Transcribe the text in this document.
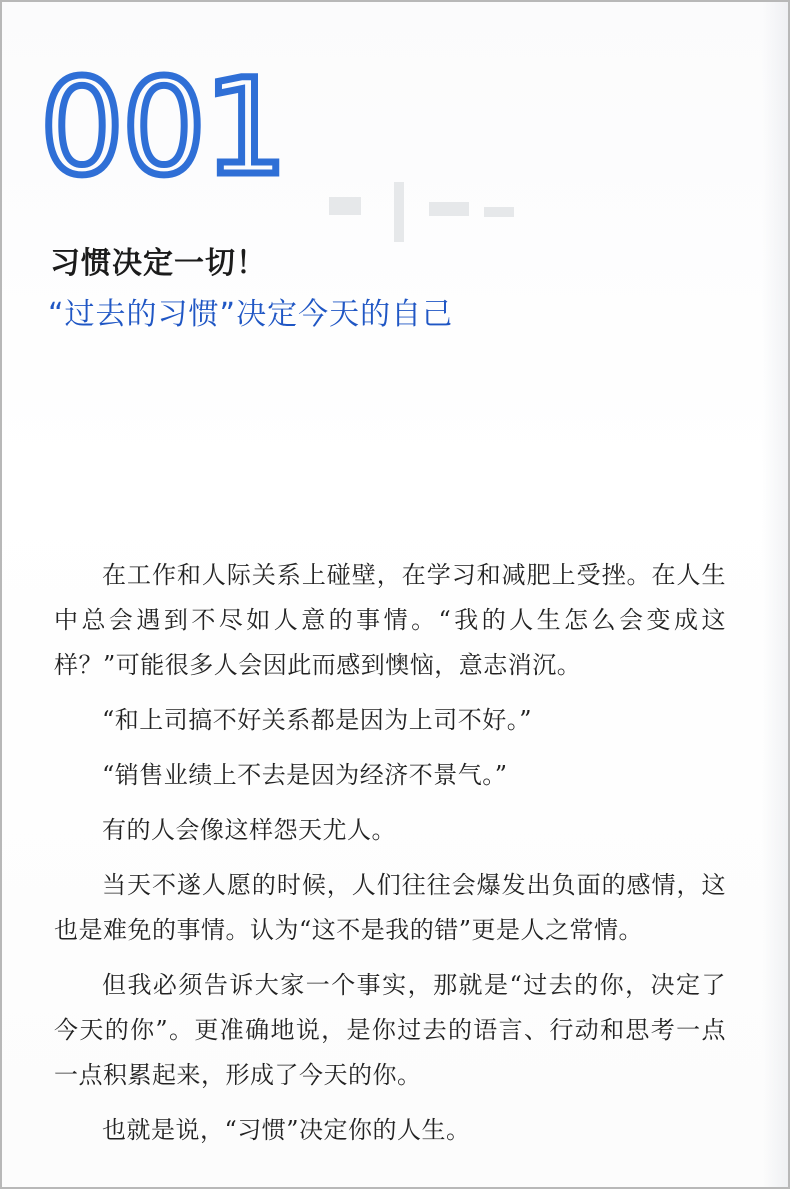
001
习惯决定一切！
“过去的习惯”决定今天的自己

在工作和人际关系上碰壁，在学习和减肥上受挫。在人生中总会遇到不尽如人意的事情。“我的人生怎么会变成这样？”可能很多人会因此而感到懊恼，意志消沉。

“和上司搞不好关系都是因为上司不好。”

“销售业绩上不去是因为经济不景气。”

有的人会像这样怨天尤人。

当天不遂人愿的时候，人们往往会爆发出负面的感情，这也是难免的事情。认为“这不是我的错”更是人之常情。

但我必须告诉大家一个事实，那就是“过去的你，决定了今天的你”。更准确地说，是你过去的语言、行动和思考一点一点积累起来，形成了今天的你。

也就是说，“习惯”决定你的人生。
